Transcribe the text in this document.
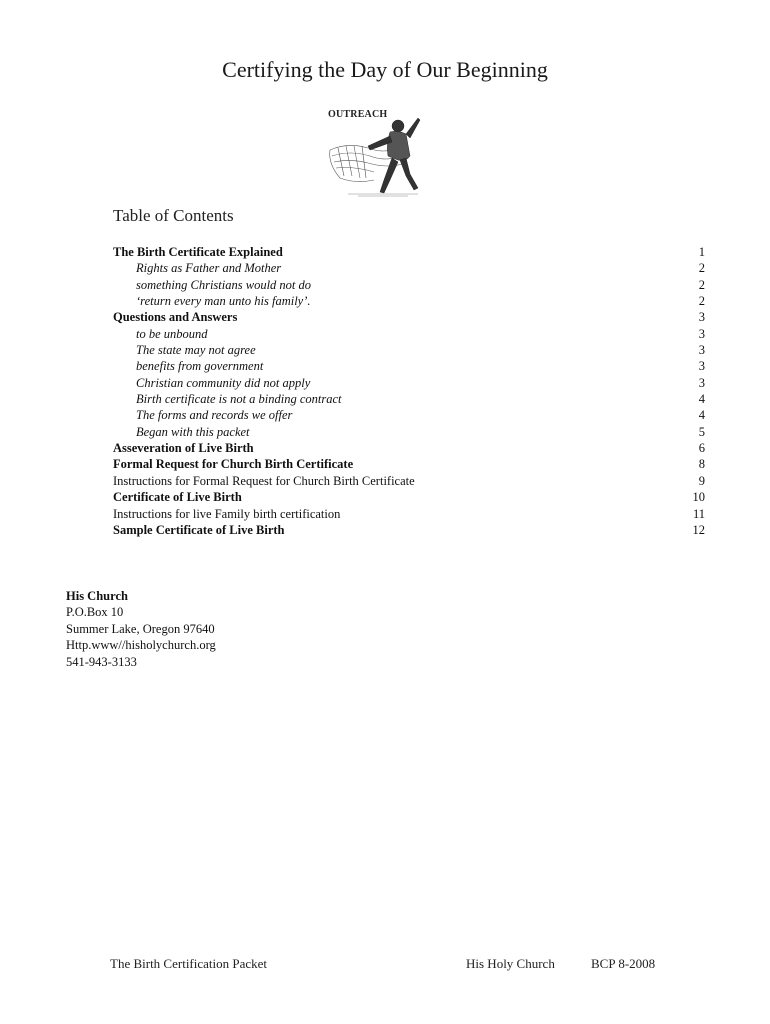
Certifying the Day of Our Beginning
OUTREACH
Table of Contents
The Birth Certificate Explained	1
Rights as Father and Mother	2
something Christians would not do	2
‘return every man unto his family’.	2
Questions and Answers	3
to be unbound	3
The state may not agree	3
benefits from government	3
Christian community did not apply	3
Birth certificate is not a binding contract	4
The forms and records we offer	4
Began with this packet	5
Asseveration of Live Birth	6
Formal Request for Church Birth Certificate	8
Instructions for Formal Request for Church Birth Certificate	9
Certificate of Live Birth	10
Instructions for live Family birth certification	11
Sample Certificate of Live Birth	12
His Church
P.O.Box 10
Summer Lake, Oregon 97640
Http.www//hisholychurch.org
541-943-3133
The Birth Certification Packet	His Holy Church	BCP 8-2008
